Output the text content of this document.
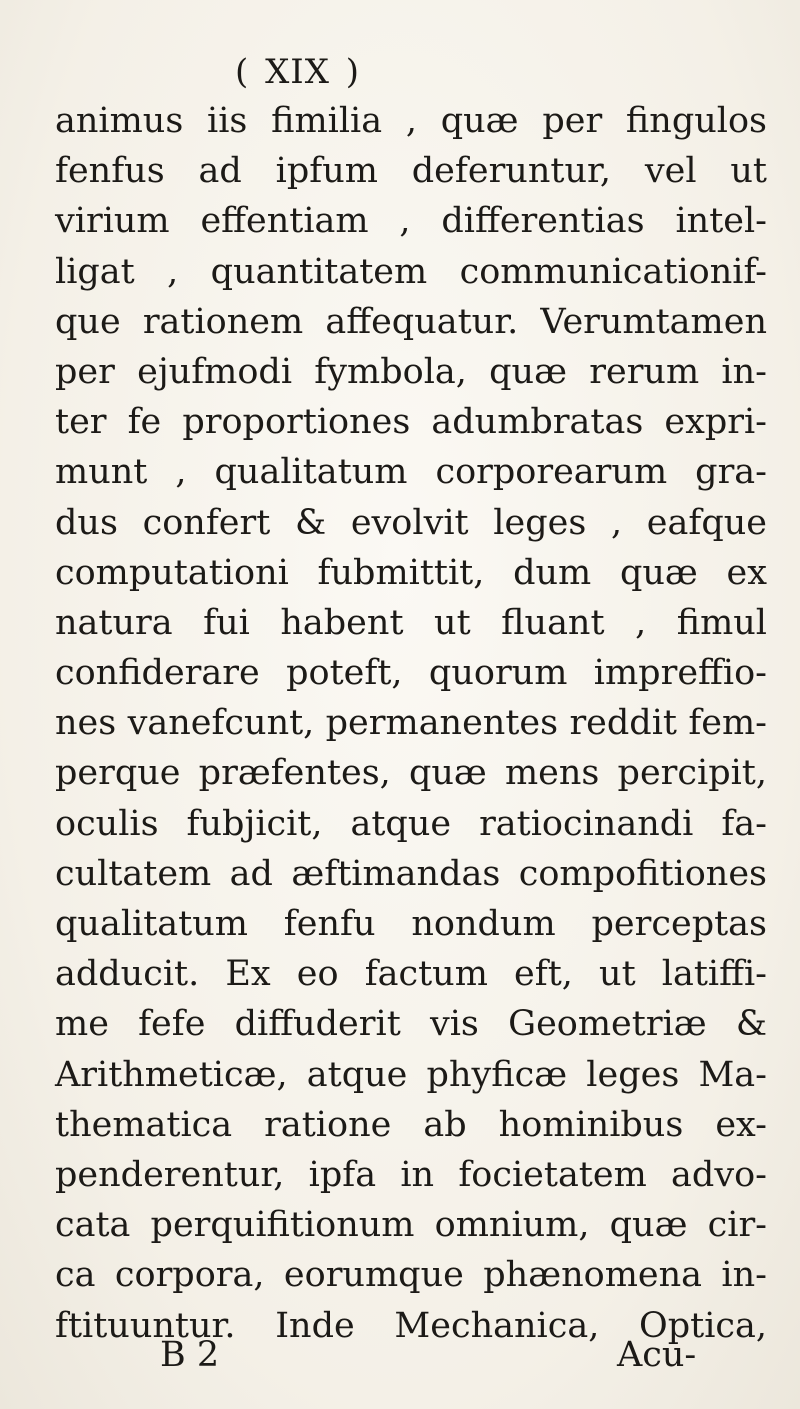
( XIX )
animus iis fimilia , quæ per fingulos
fenfus ad ipfum deferuntur, vel ut
virium effentiam , differentias intel-
ligat , quantitatem communicationif-
que rationem affequatur. Verumtamen
per ejufmodi fymbola, quæ rerum in-
ter fe proportiones adumbratas expri-
munt , qualitatum corporearum gra-
dus confert & evolvit leges , eafque
computationi fubmittit, dum quæ ex
natura fui habent ut fluant , fimul
confiderare poteft, quorum impreffio-
nes vanefcunt, permanentes reddit fem-
perque præfentes, quæ mens percipit,
oculis fubjicit, atque ratiocinandi fa-
cultatem ad æftimandas compofitiones
qualitatum fenfu nondum perceptas
adducit. Ex eo factum eft, ut latiffi-
me fefe diffuderit vis Geometriæ &
Arithmeticæ, atque phyficæ leges Ma-
thematica ratione ab hominibus ex-
penderentur, ipfa in focietatem advo-
cata perquifitionum omnium, quæ cir-
ca corpora, eorumque phænomena in-
ftituuntur. Inde Mechanica, Optica,
B 2	Acu-
